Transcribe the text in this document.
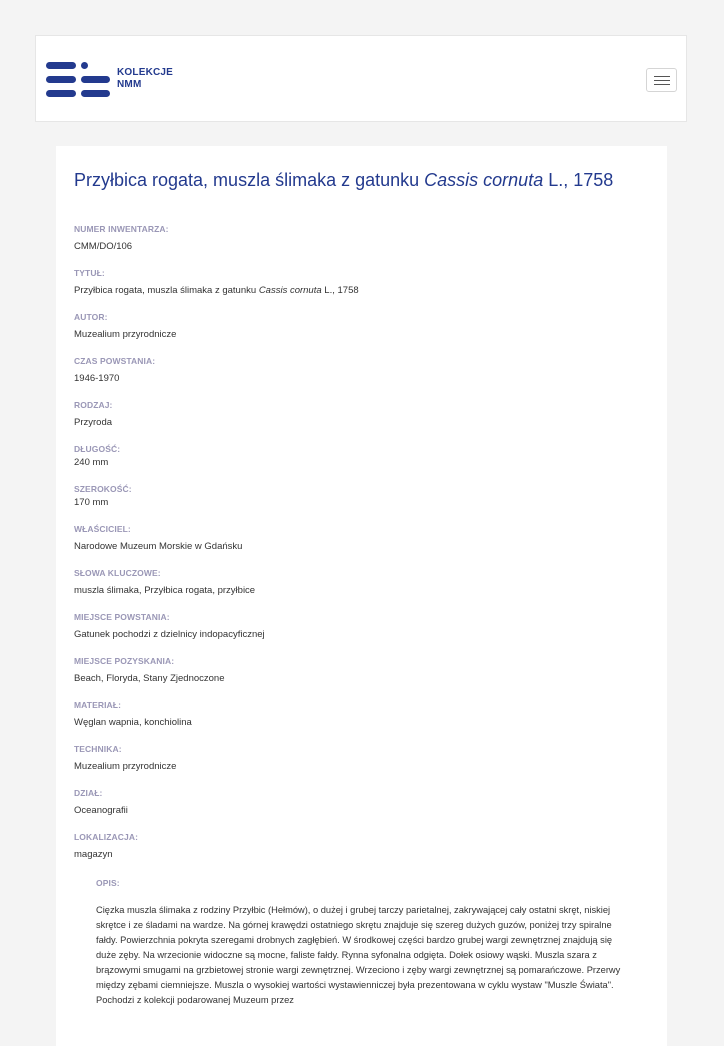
KOLEKCJE
NMM
Przyłbica rogata, muszla ślimaka z gatunku Cassis cornuta L., 1758
NUMER INWENTARZA:
CMM/DO/106
TYTUŁ:
Przyłbica rogata, muszla ślimaka z gatunku Cassis cornuta L., 1758
AUTOR:
Muzealium przyrodnicze
CZAS POWSTANIA:
1946-1970
RODZAJ:
Przyroda
DŁUGOŚĆ:
240 mm
SZEROKOŚĆ:
170 mm
WŁAŚCICIEL:
Narodowe Muzeum Morskie w Gdańsku
SŁOWA KLUCZOWE:
muszla ślimaka, Przyłbica rogata, przyłbice
MIEJSCE POWSTANIA:
Gatunek pochodzi z dzielnicy indopacyficznej
MIEJSCE POZYSKANIA:
Beach, Floryda, Stany Zjednoczone
MATERIAŁ:
Węglan wapnia, konchiolina
TECHNIKA:
Muzealium przyrodnicze
DZIAŁ:
Oceanografii
LOKALIZACJA:
magazyn
OPIS:

Cięzka muszla ślimaka z rodziny Przyłbic (Hełmów), o dużej i grubej tarczy parietalnej, zakrywającej cały ostatni skręt, niskiej skrętce i ze śladami na wardze. Na górnej krawędzi ostatniego skrętu znajduje się szereg dużych guzów, poniżej trzy spiralne fałdy. Powierzchnia pokryta szeregami drobnych zagłębień. W środkowej części bardzo grubej wargi zewnętrznej znajdują się duże zęby. Na wrzecionie widoczne są mocne, faliste fałdy. Rynna syfonalna odgięta. Dołek osiowy wąski. Muszla szara z brązowymi smugami na grzbietowej stronie wargi zewnętrznej. Wrzeciono i zęby wargi zewnętrznej są pomarańczowe. Przerwy między zębami ciemniejsze. Muszla o wysokiej wartości wystawienniczej była prezentowana w cyklu wystaw "Muszle Świata". Pochodzi z kolekcji podarowanej Muzeum przez
